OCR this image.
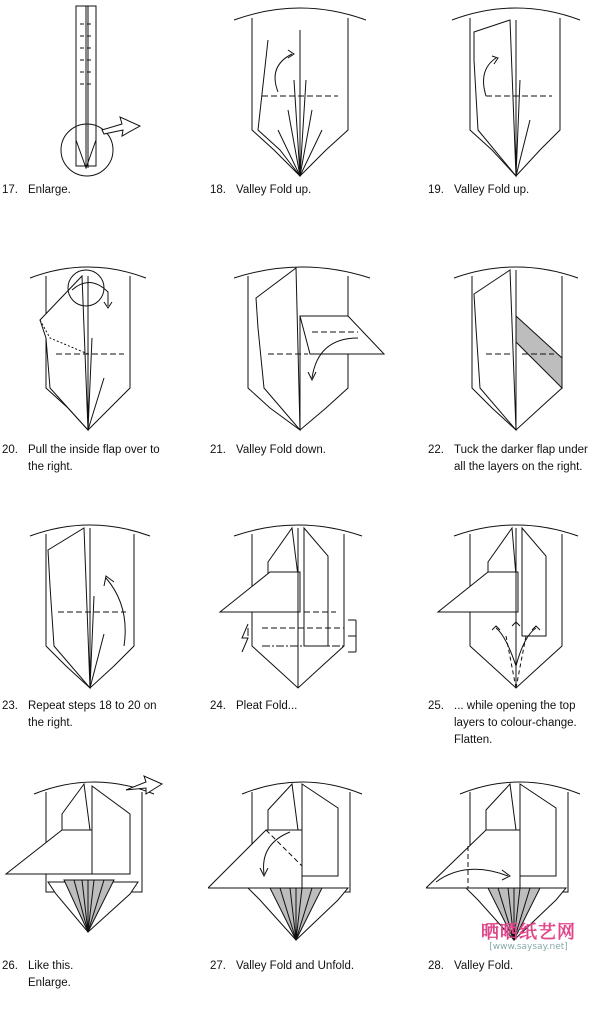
17. Enlarge.	18. Valley Fold up.	19. Valley Fold up.
20. Pull the inside flap over to
the right.
21. Valley Fold down.	22. Tuck the darker flap under
all the layers on the right.
23. Repeat steps 18 to 20 on
the right.
24. Pleat Fold...	25. ... while opening the top
layers to colour-change.
Flatten.
26. Like this.
Enlarge.
27. Valley Fold and Unfold.	28. Valley Fold.
晒晒纸艺网
[www.saysay.net]
